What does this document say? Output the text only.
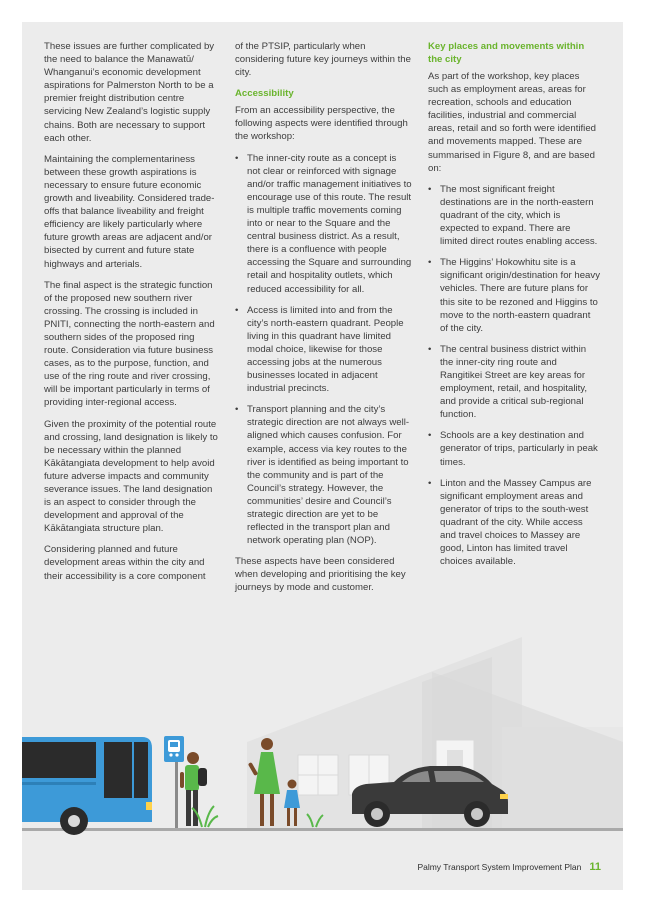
These issues are further complicated by the need to balance the Manawatū/ Whanganui’s economic development aspirations for Palmerston North to be a premier freight distribution centre servicing New Zealand’s logistic supply chains. Both are necessary to support each other.

Maintaining the complementariness between these growth aspirations is necessary to ensure future economic growth and liveability. Considered trade-offs that balance liveability and freight efficiency are likely particularly where future growth areas are adjacent and/or bisected by current and future state highways and arterials.

The final aspect is the strategic function of the proposed new southern river crossing. The crossing is included in PNITI, connecting the north-eastern and southern sides of the proposed ring route. Consideration via future business cases, as to the purpose, function, and use of the ring route and river crossing, will be important particularly in terms of providing inter-regional access.

Given the proximity of the potential route and crossing, land designation is likely to be necessary within the planned Kākātangiata development to help avoid future adverse impacts and community severance issues. The land designation is an aspect to consider through the development and approval of the Kākātangiata structure plan.

Considering planned and future development areas within the city and their accessibility is a core component

of the PTSIP, particularly when considering future key journeys within the city.

Accessibility

From an accessibility perspective, the following aspects were identified through the workshop:

• The inner-city route as a concept is not clear or reinforced with signage and/or traffic management initiatives to encourage use of this route. The result is multiple traffic movements coming into or near to the Square and the central business district. As a result, there is a confluence with people accessing the Square and surrounding retail and hospitality outlets, which reduced accessibility for all.
• Access is limited into and from the city’s north-eastern quadrant. People living in this quadrant have limited modal choice, likewise for those accessing jobs at the numerous businesses located in adjacent industrial precincts.
• Transport planning and the city’s strategic direction are not always well-aligned which causes confusion. For example, access via key routes to the river is identified as being important to the community and is part of the Council’s strategy. However, the communities’ desire and Council’s strategic direction are yet to be reflected in the transport plan and network operating plan (NOP).

These aspects have been considered when developing and prioritising the key journeys by mode and customer.

Key places and movements within the city

As part of the workshop, key places such as employment areas, areas for recreation, schools and education facilities, industrial and commercial areas, retail and so forth were identified and movements mapped. These are summarised in Figure 8, and are based on:

• The most significant freight destinations are in the north-eastern quadrant of the city, which is expected to expand. There are limited direct routes enabling access.
• The Higgins’ Hokowhitu site is a significant origin/destination for heavy vehicles. There are future plans for this site to be rezoned and Higgins to move to the north-eastern quadrant of the city.
• The central business district within the inner-city ring route and Rangitikei Street are key areas for employment, retail, and hospitality, and provide a critical sub-regional function.
• Schools are a key destination and generator of trips, particularly in peak times.
• Linton and the Massey Campus are significant employment areas and generator of trips to the south-west quadrant of the city. While access and travel choices to Massey are good, Linton has limited travel choices available.
Palmy Transport System Improvement Plan 11
